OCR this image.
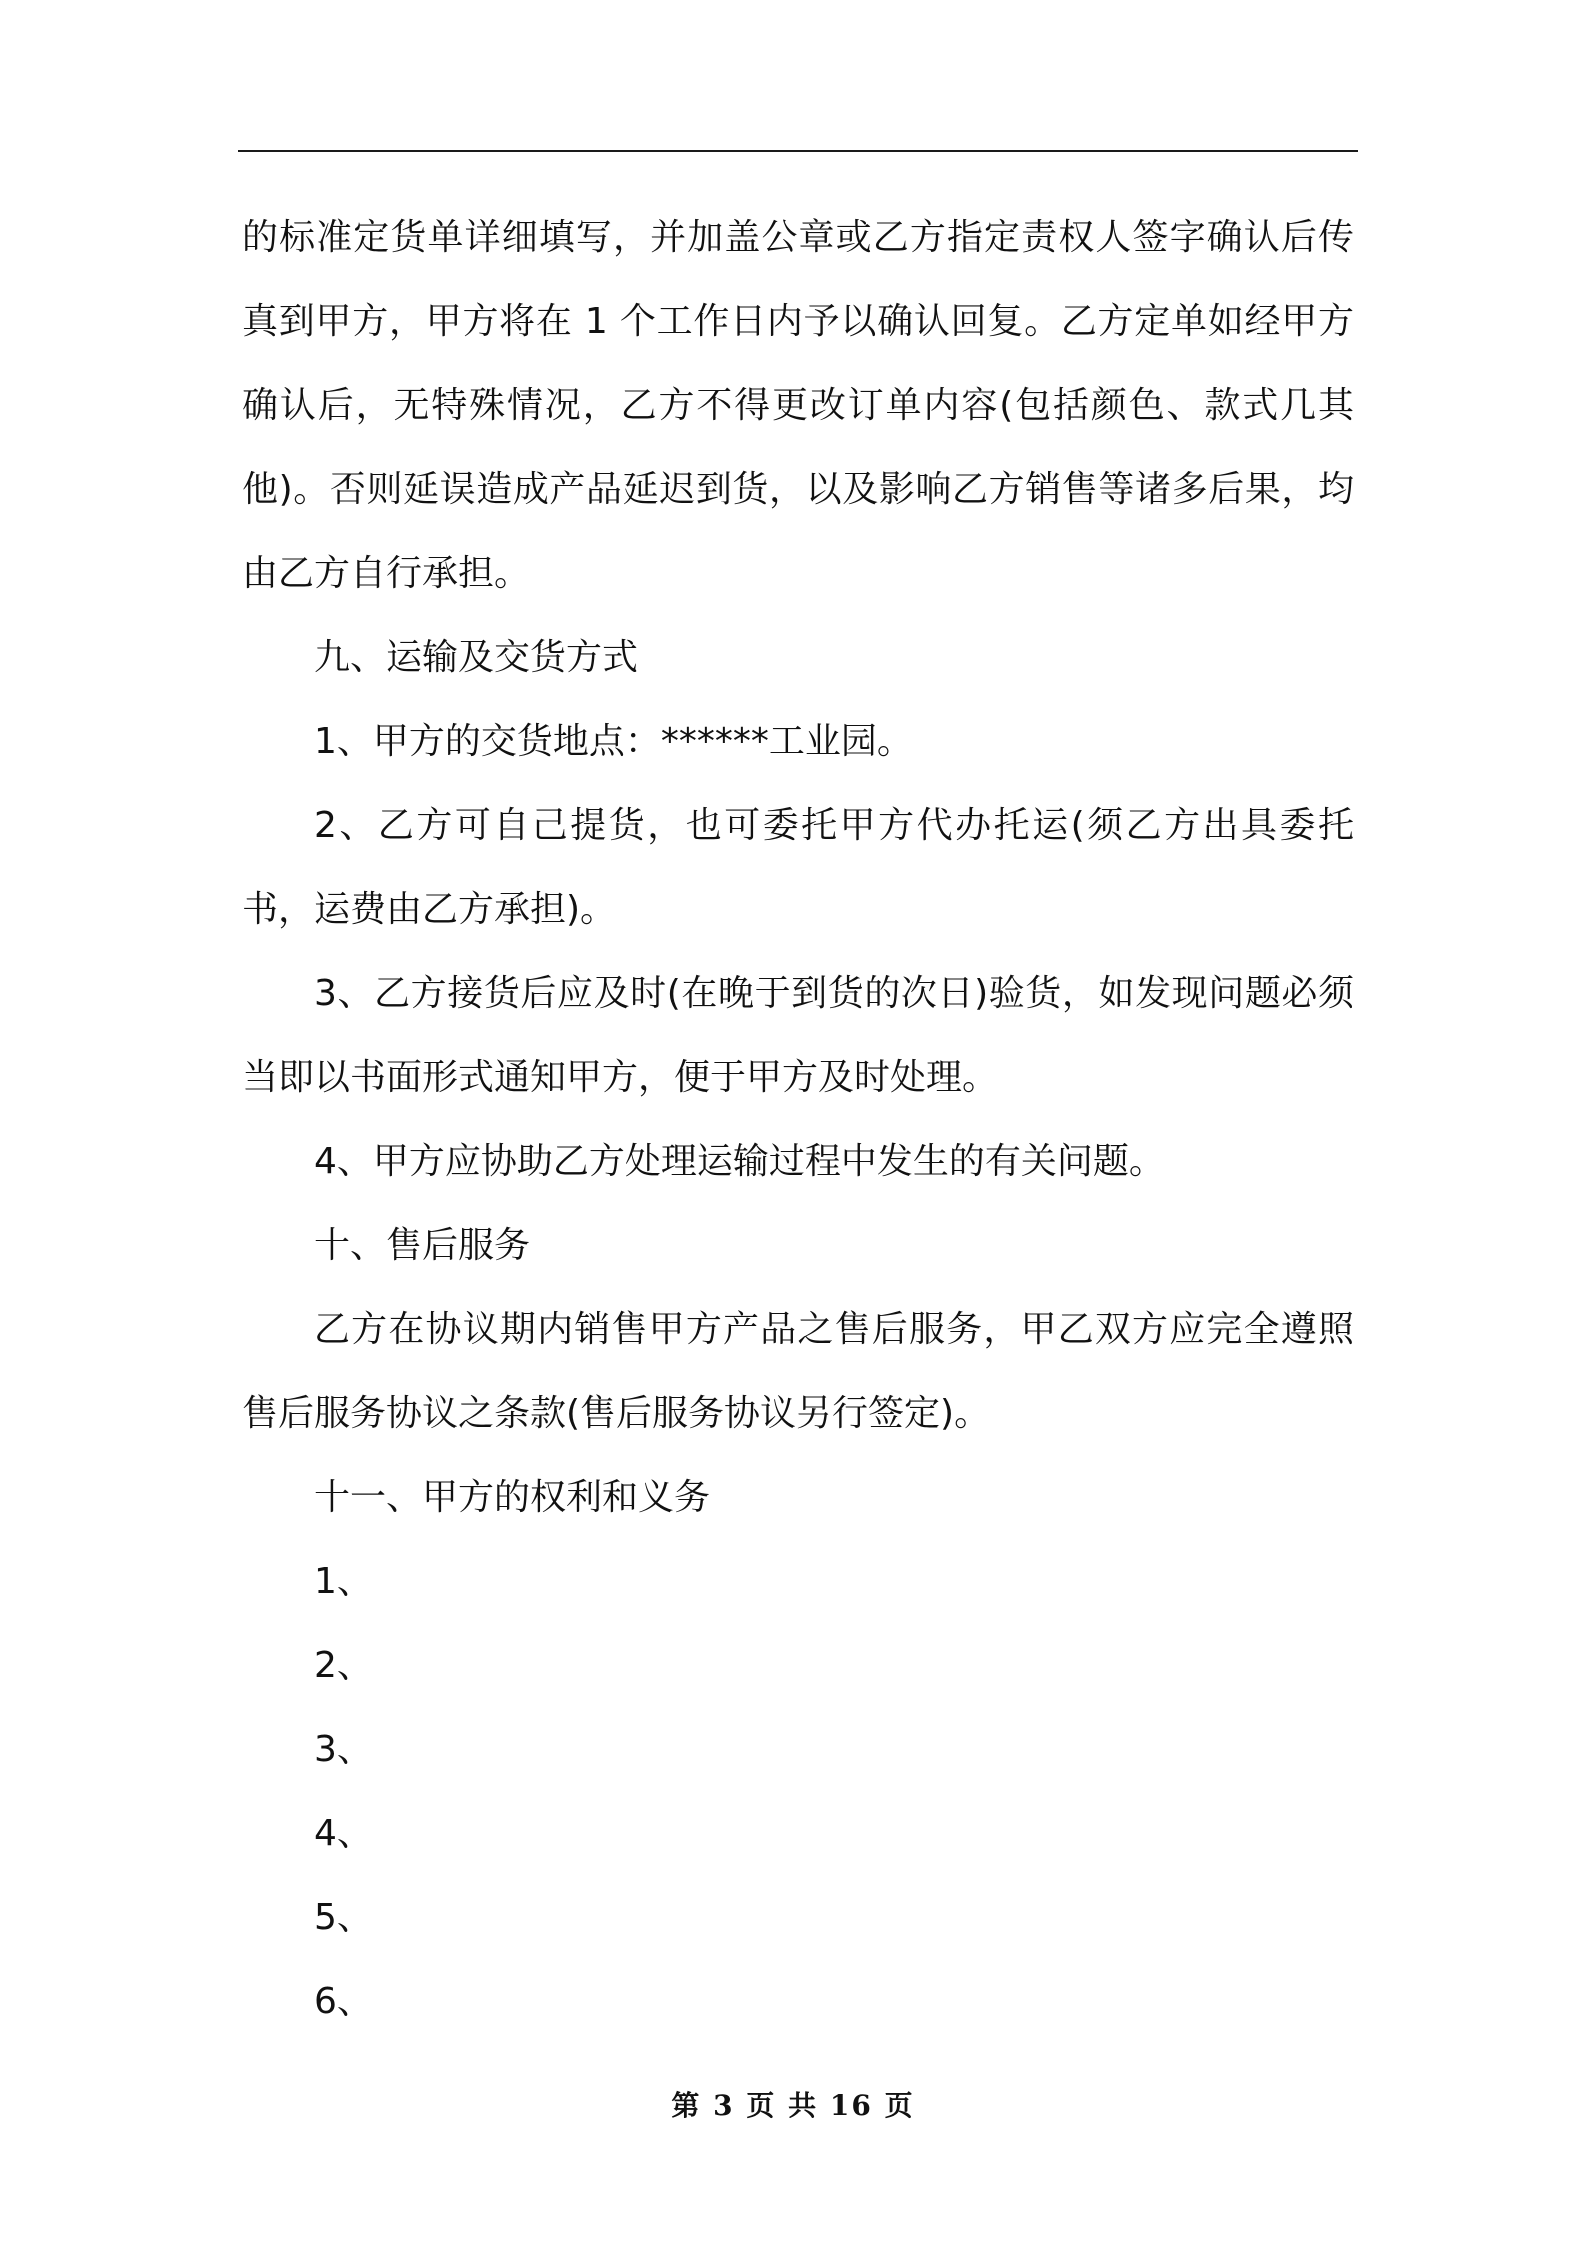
的标准定货单详细填写，并加盖公章或乙方指定责权人签字确认后传真到甲方，甲方将在 1 个工作日内予以确认回复。乙方定单如经甲方确认后，无特殊情况，乙方不得更改订单内容(包括颜色、款式几其他)。否则延误造成产品延迟到货，以及影响乙方销售等诸多后果，均由乙方自行承担。

九、运输及交货方式

1、甲方的交货地点：******工业园。

2、乙方可自己提货，也可委托甲方代办托运(须乙方出具委托书，运费由乙方承担)。

3、乙方接货后应及时(在晚于到货的次日)验货，如发现问题必须当即以书面形式通知甲方，便于甲方及时处理。

4、甲方应协助乙方处理运输过程中发生的有关问题。

十、售后服务

乙方在协议期内销售甲方产品之售后服务，甲乙双方应完全遵照售后服务协议之条款(售后服务协议另行签定)。

十一、甲方的权利和义务

1、

2、

3、

4、

5、

6、

第 3 页 共 16 页
